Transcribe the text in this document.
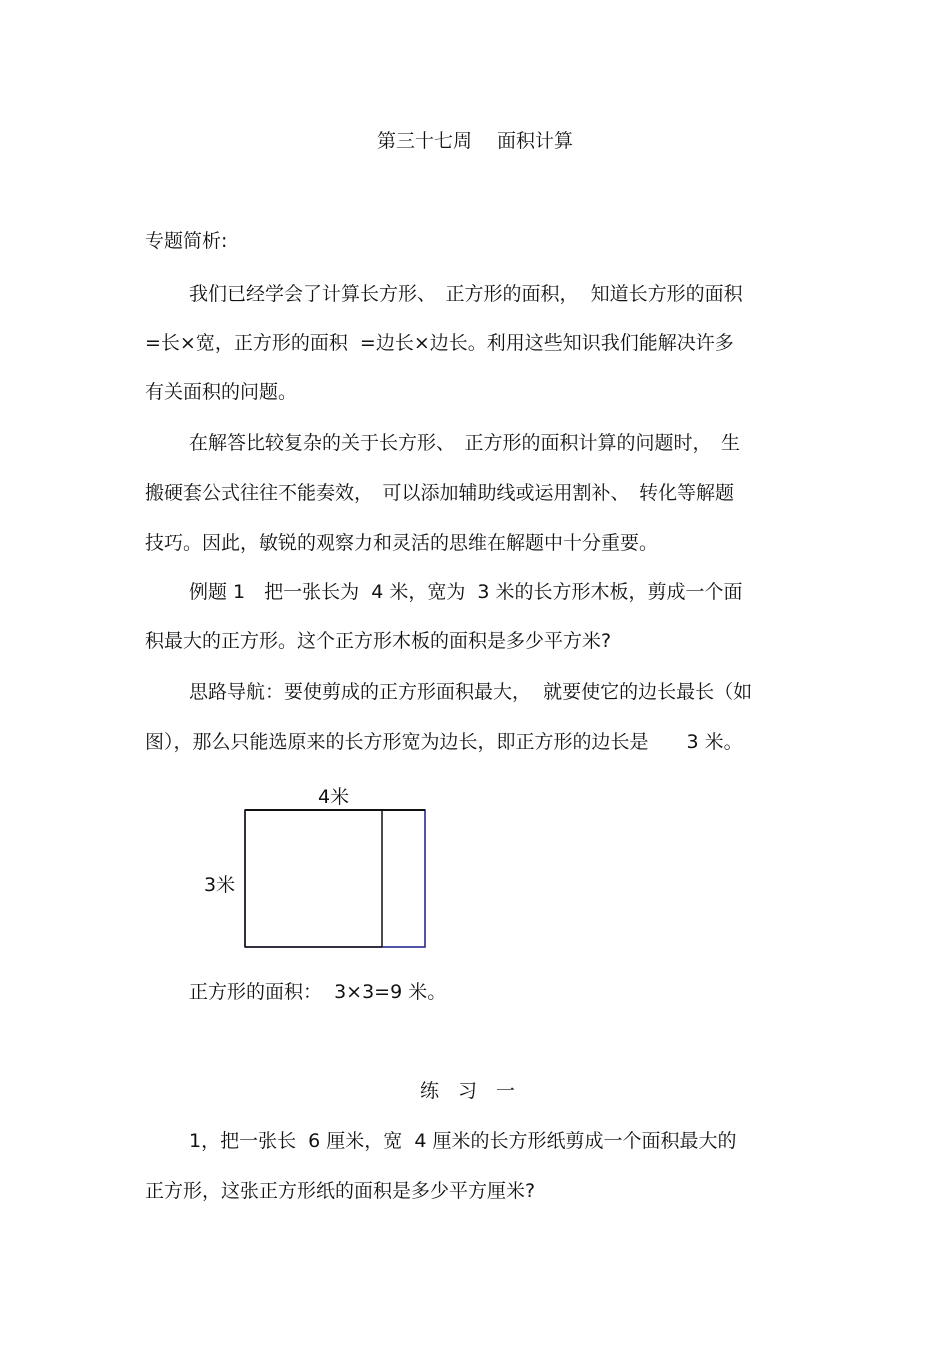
第三十七周　 面积计算
专题简析:
我们已经学会了计算长方形、　正方形的面积，  知道长方形的面积
=长×宽，正方形的面积  =边长×边长。利用这些知识我们能解决许多
有关面积的问题。
在解答比较复杂的关于长方形、　正方形的面积计算的问题时，　生
搬硬套公式往往不能奏效，　可以添加辅助线或运用割补、　转化等解题
技巧。因此，敏锐的观察力和灵活的思维在解题中十分重要。
例题 1　把一张长为  4 米，宽为  3 米的长方形木板，剪成一个面
积最大的正方形。这个正方形木板的面积是多少平方米?
思路导航：要使剪成的正方形面积最大，  就要使它的边长最长（如
图），那么只能选原来的长方形宽为边长，即正方形的边长是　　3 米。
4米
3米
正方形的面积：  3×3=9 米。
练　习　一
1，把一张长  6 厘米，宽  4 厘米的长方形纸剪成一个面积最大的
正方形，这张正方形纸的面积是多少平方厘米?
